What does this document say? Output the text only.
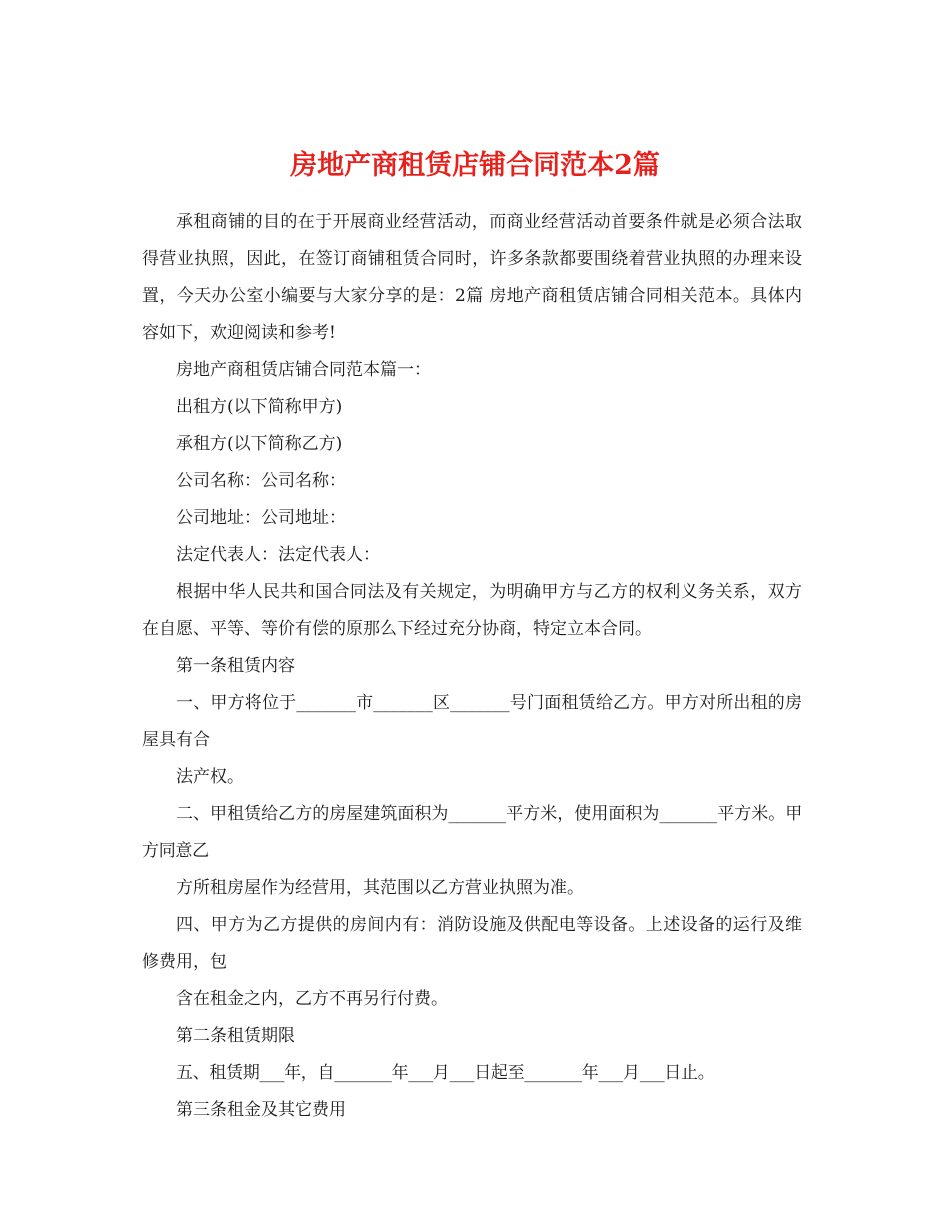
房地产商租赁店铺合同范本2篇

承租商铺的目的在于开展商业经营活动，而商业经营活动首要条件就是必须合法取得营业执照，因此，在签订商铺租赁合同时，许多条款都要围绕着营业执照的办理来设置，今天办公室小编要与大家分享的是：2篇 房地产商租赁店铺合同相关范本。具体内容如下，欢迎阅读和参考!

房地产商租赁店铺合同范本篇一：

出租方(以下简称甲方)

承租方(以下简称乙方)

公司名称：公司名称：

公司地址：公司地址：

法定代表人：法定代表人：

根据中华人民共和国合同法及有关规定，为明确甲方与乙方的权利义务关系，双方在自愿、平等、等价有偿的原那么下经过充分协商，特定立本合同。

第一条租赁内容

一、甲方将位于_______市_______区_______号门面租赁给乙方。甲方对所出租的房屋具有合

法产权。

二、甲租赁给乙方的房屋建筑面积为_______平方米，使用面积为_______平方米。甲方同意乙

方所租房屋作为经营用，其范围以乙方营业执照为准。

四、甲方为乙方提供的房间内有：消防设施及供配电等设备。上述设备的运行及维修费用，包

含在租金之内，乙方不再另行付费。

第二条租赁期限

五、租赁期___年，自_______年___月___日起至_______年___月___日止。

第三条租金及其它费用
